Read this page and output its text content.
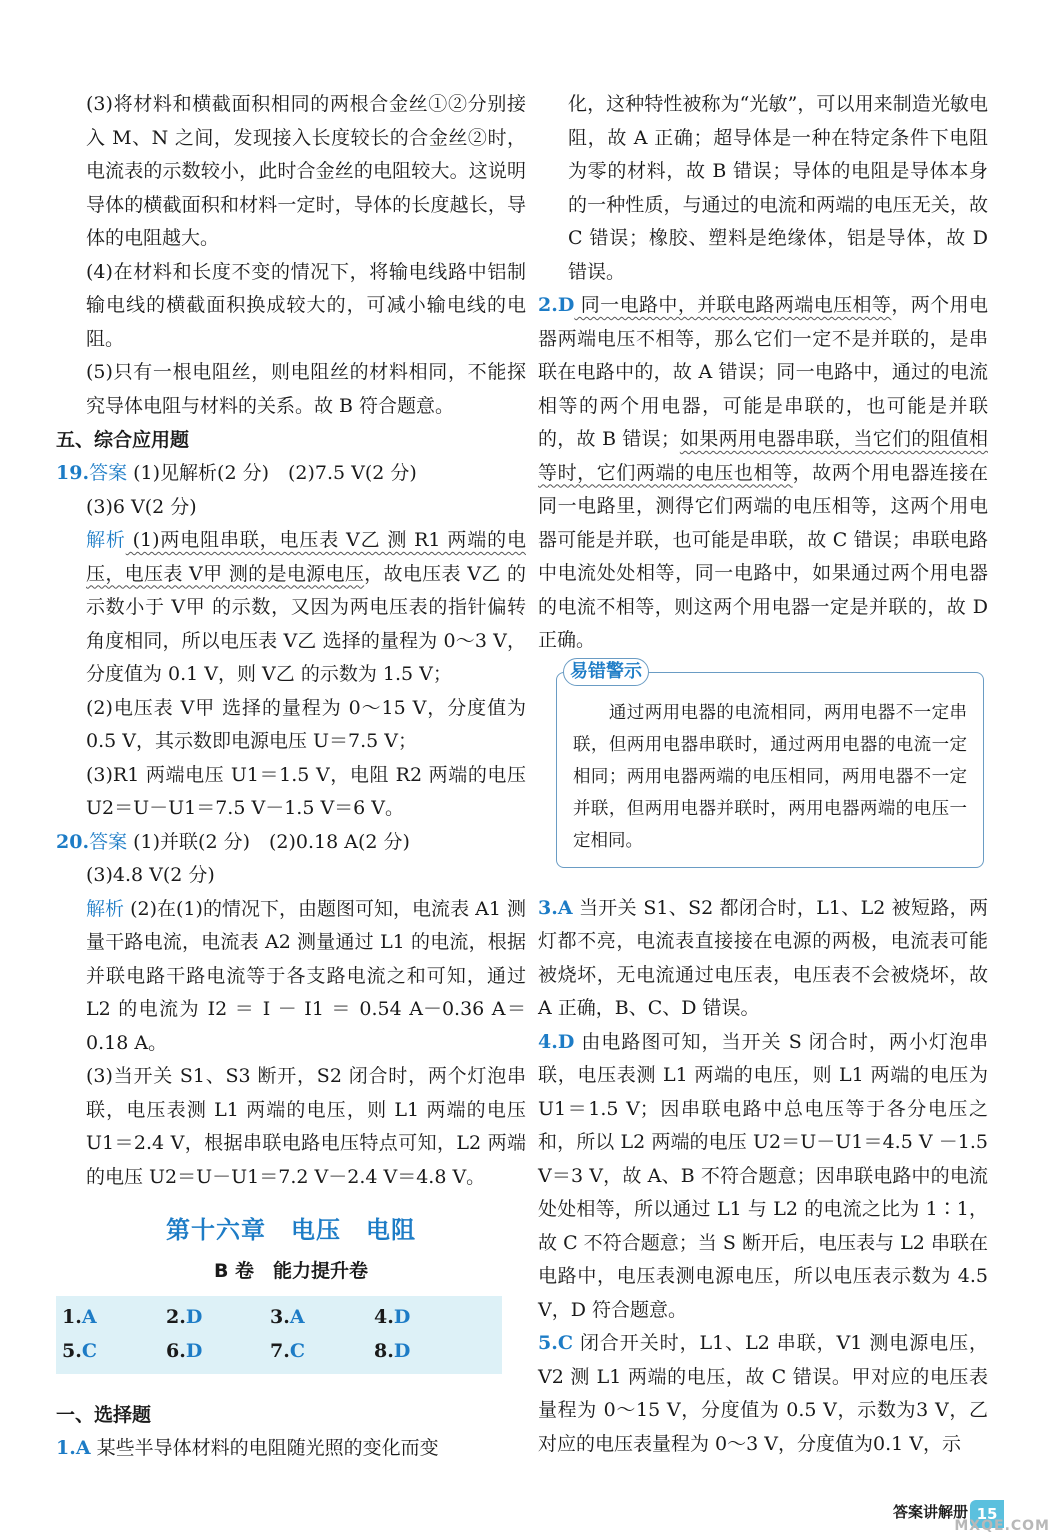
(3)将材料和横截面积相同的两根合金丝①②分别接入 M、N 之间，发现接入长度较长的合金丝②时，电流表的示数较小，此时合金丝的电阻较大。这说明导体的横截面积和材料一定时，导体的长度越长，导体的电阻越大。

(4)在材料和长度不变的情况下，将输电线路中铝制输电线的横截面积换成较大的，可减小输电线的电阻。

(5)只有一根电阻丝，则电阻丝的材料相同，不能探究导体电阻与材料的关系。故 B 符合题意。

五、综合应用题

19.答案 (1)见解析(2 分)　(2)7.5 V(2 分)

(3)6 V(2 分)

解析 (1)两电阻串联，电压表 V乙 测 R1 两端的电压，电压表 V甲 测的是电源电压，故电压表 V乙 的示数小于 V甲 的示数，又因为两电压表的指针偏转角度相同，所以电压表 V乙 选择的量程为 0～3 V，分度值为 0.1 V，则 V乙 的示数为 1.5 V；

(2)电压表 V甲 选择的量程为 0～15 V，分度值为 0.5 V，其示数即电源电压 U＝7.5 V；

(3)R1 两端电压 U1＝1.5 V，电阻 R2 两端的电压 U2＝U－U1＝7.5 V－1.5 V＝6 V。

20.答案 (1)并联(2 分)　(2)0.18 A(2 分)

(3)4.8 V(2 分)

解析 (2)在(1)的情况下，由题图可知，电流表 A1 测量干路电流，电流表 A2 测量通过 L1 的电流，根据并联电路干路电流等于各支路电流之和可知，通过 L2 的电流为 I2 ＝ I － I1 ＝ 0.54 A－0.36 A＝0.18 A。

(3)当开关 S1、S3 断开，S2 闭合时，两个灯泡串联，电压表测 L1 两端的电压，则 L1 两端的电压 U1＝2.4 V，根据串联电路电压特点可知，L2 两端的电压 U2＝U－U1＝7.2 V－2.4 V＝4.8 V。

第十六章　电压　电阻

B 卷　能力提升卷

1.A	2.D	3.A	4.D
5.C	6.D	7.C	8.D

一、选择题

1.A 某些半导体材料的电阻随光照的变化而变

化，这种特性被称为“光敏”，可以用来制造光敏电阻，故 A 正确；超导体是一种在特定条件下电阻为零的材料，故 B 错误；导体的电阻是导体本身的一种性质，与通过的电流和两端的电压无关，故 C 错误；橡胶、塑料是绝缘体，铝是导体，故 D 错误。

2.D 同一电路中，并联电路两端电压相等，两个用电器两端电压不相等，那么它们一定不是并联的，是串联在电路中的，故 A 错误；同一电路中，通过的电流相等的两个用电器，可能是串联的，也可能是并联的，故 B 错误；如果两用电器串联，当它们的阻值相等时，它们两端的电压也相等，故两个用电器连接在同一电路里，测得它们两端的电压相等，这两个用电器可能是并联，也可能是串联，故 C 错误；串联电路中电流处处相等，同一电路中，如果通过两个用电器的电流不相等，则这两个用电器一定是并联的，故 D 正确。

易错警示

　　通过两用电器的电流相同，两用电器不一定串联，但两用电器串联时，通过两用电器的电流一定相同；两用电器两端的电压相同，两用电器不一定并联，但两用电器并联时，两用电器两端的电压一定相同。

3.A 当开关 S1、S2 都闭合时，L1、L2 被短路，两灯都不亮，电流表直接接在电源的两极，电流表可能被烧坏，无电流通过电压表，电压表不会被烧坏，故 A 正确，B、C、D 错误。

4.D 由电路图可知，当开关 S 闭合时，两小灯泡串联，电压表测 L1 两端的电压，则 L1 两端的电压为U1＝1.5 V；因串联电路中总电压等于各分电压之和，所以 L2 两端的电压 U2＝U－U1＝4.5 V －1.5 V＝3 V，故 A、B 不符合题意；因串联电路中的电流处处相等，所以通过 L1 与 L2 的电流之比为 1∶1，故 C 不符合题意；当 S 断开后，电压表与 L2 串联在电路中，电压表测电源电压，所以电压表示数为 4.5 V，D 符合题意。

5.C 闭合开关时，L1、L2 串联，V1 测电源电压，V2 测 L1 两端的电压，故 C 错误。甲对应的电压表量程为 0～15 V，分度值为 0.5 V，示数为3 V，乙对应的电压表量程为 0～3 V，分度值为0.1 V，示

答案讲解册 15
MXQE.COM
